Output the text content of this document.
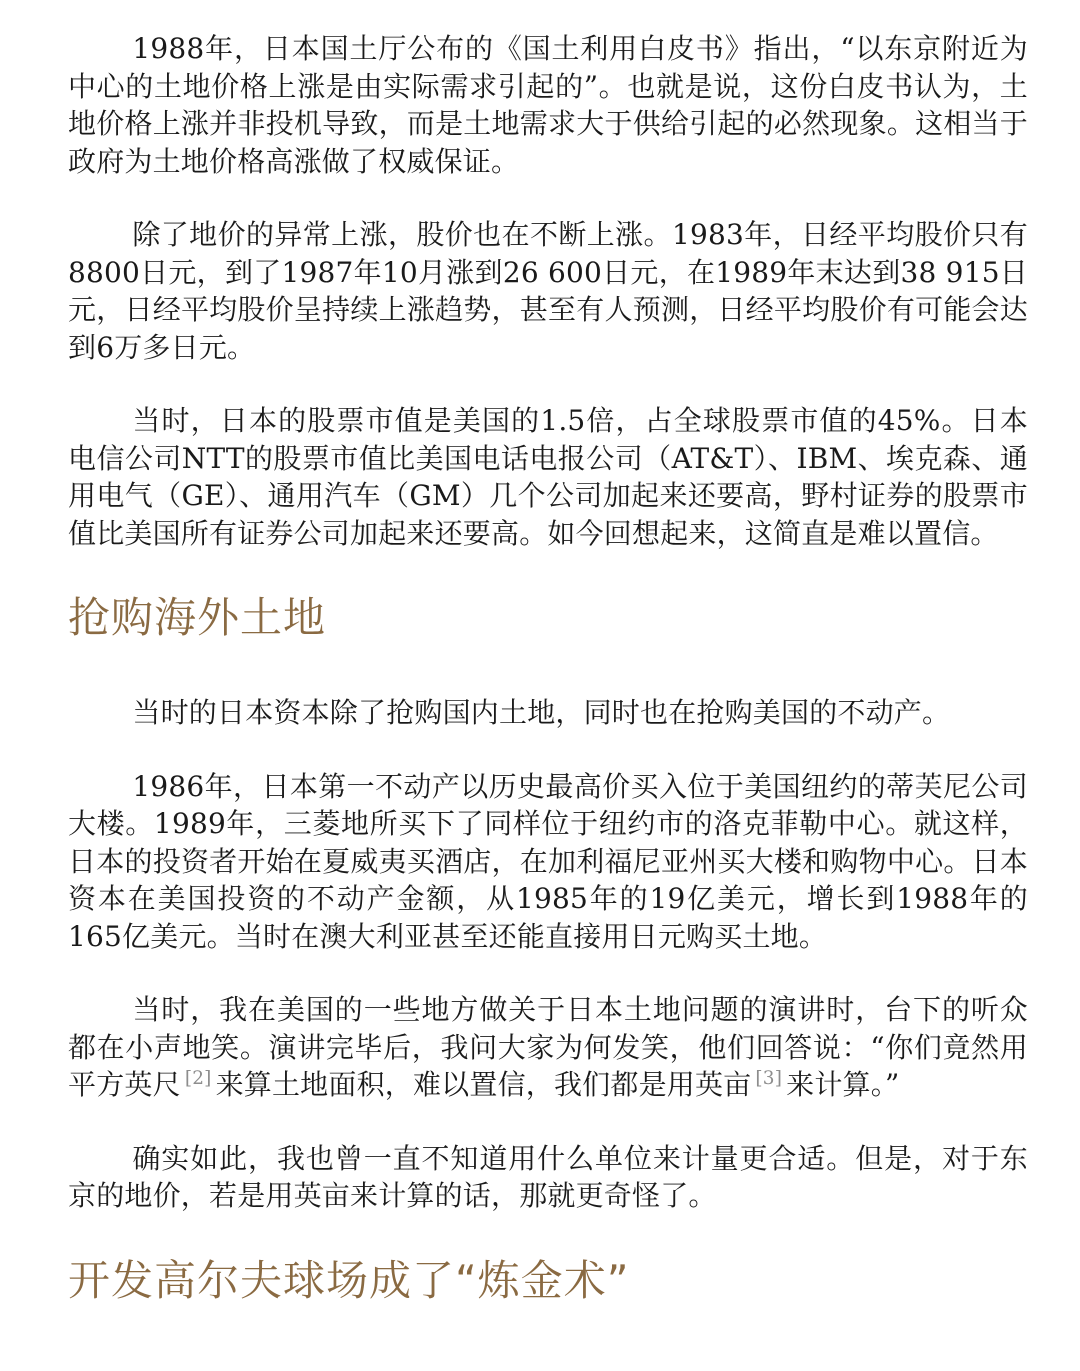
1988年，日本国土厅公布的《国土利用白皮书》指出，“以东京附近为中心的土地价格上涨是由实际需求引起的”。也就是说，这份白皮书认为，土地价格上涨并非投机导致，而是土地需求大于供给引起的必然现象。这相当于政府为土地价格高涨做了权威保证。

除了地价的异常上涨，股价也在不断上涨。1983年，日经平均股价只有8800日元，到了1987年10月涨到26 600日元，在1989年末达到38 915日元，日经平均股价呈持续上涨趋势，甚至有人预测，日经平均股价有可能会达到6万多日元。

当时，日本的股票市值是美国的1.5倍，占全球股票市值的45%。日本电信公司NTT的股票市值比美国电话电报公司（AT&T）、IBM、埃克森、通用电气（GE）、通用汽车（GM）几个公司加起来还要高，野村证券的股票市值比美国所有证券公司加起来还要高。如今回想起来，这简直是难以置信。

抢购海外土地

当时的日本资本除了抢购国内土地，同时也在抢购美国的不动产。

1986年，日本第一不动产以历史最高价买入位于美国纽约的蒂芙尼公司大楼。1989年，三菱地所买下了同样位于纽约市的洛克菲勒中心。就这样，日本的投资者开始在夏威夷买酒店，在加利福尼亚州买大楼和购物中心。日本资本在美国投资的不动产金额，从1985年的19亿美元，增长到1988年的165亿美元。当时在澳大利亚甚至还能直接用日元购买土地。

当时，我在美国的一些地方做关于日本土地问题的演讲时，台下的听众都在小声地笑。演讲完毕后，我问大家为何发笑，他们回答说：“你们竟然用平方英尺 [2] 来算土地面积，难以置信，我们都是用英亩 [3] 来计算。”

确实如此，我也曾一直不知道用什么单位来计量更合适。但是，对于东京的地价，若是用英亩来计算的话，那就更奇怪了。

开发高尔夫球场成了“炼金术”
